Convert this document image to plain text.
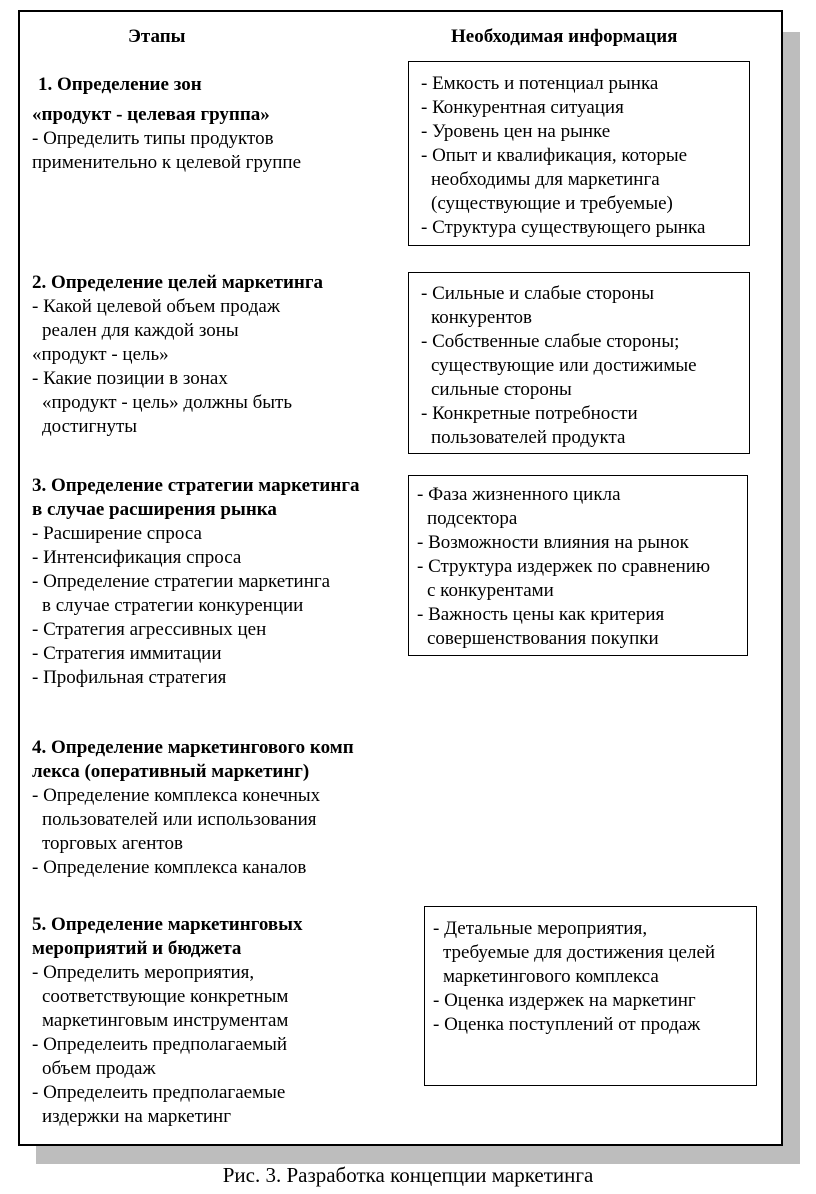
Этапы	Необходимая информация
1. Определение зон
«продукт - целевая группа»
- Определить типы продуктов
применительно к целевой группе
2. Определение целей маркетинга
- Какой целевой объем продаж
реален для каждой зоны
«продукт - цель»
- Какие позиции в зонах
«продукт - цель» должны быть
достигнуты
3. Определение стратегии маркетинга
в случае расширения рынка
- Расширение спроса
- Интенсификация спроса
- Определение стратегии маркетинга
в случае стратегии конкуренции
- Стратегия агрессивных цен
- Стратегия иммитации
- Профильная стратегия
4. Определение маркетингового комп
лекса (оперативный маркетинг)
- Определение комплекса конечных
пользователей или использования
торговых агентов
- Определение комплекса каналов
5. Определение маркетинговых
мероприятий и бюджета
- Определить мероприятия,
соответствующие конкретным
маркетинговым инструментам
- Определеить предполагаемый
объем продаж
- Определеить предполагаемые
издержки на маркетинг
- Емкость и потенциал рынка
- Конкурентная ситуация
- Уровень цен на рынке
- Опыт и квалификация, которые
необходимы для маркетинга
(существующие и требуемые)
- Структура существующего рынка
- Сильные и слабые стороны
конкурентов
- Собственные слабые стороны;
существующие или достижимые
сильные стороны
- Конкретные потребности
пользователей продукта
- Фаза жизненного цикла
подсектора
- Возможности влияния на рынок
- Структура издержек по сравнению
с конкурентами
- Важность цены как критерия
совершенствования покупки
- Детальные мероприятия,
требуемые для достижения целей
маркетингового комплекса
- Оценка издержек на маркетинг
- Оценка поступлений от продаж
Рис. 3. Разработка концепции маркетинга
